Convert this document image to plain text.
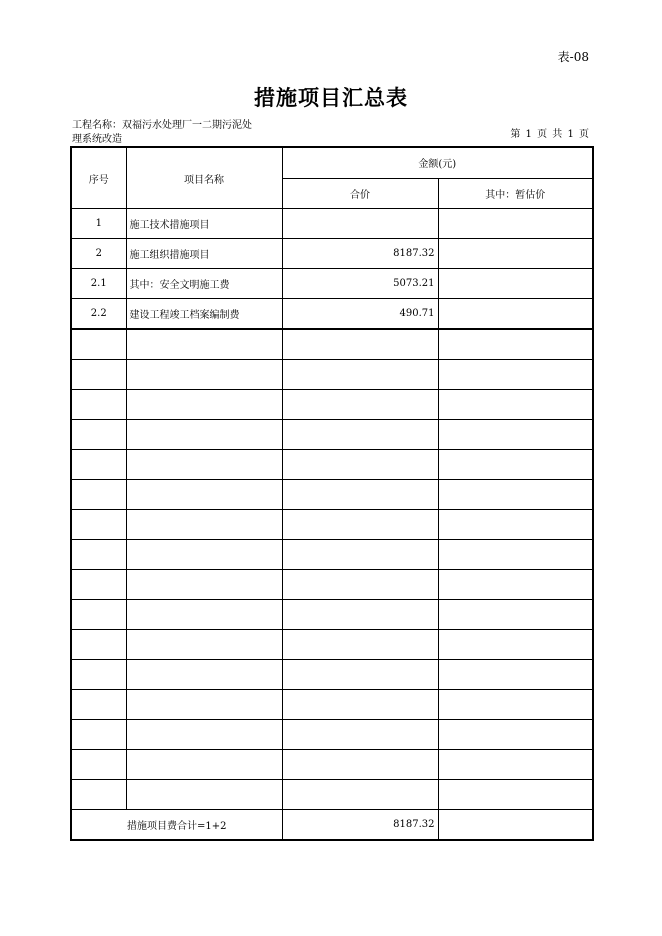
表-08
措施项目汇总表
工程名称：双福污水处理厂一二期污泥处理系统改造	第 1 页 共 1 页
序号	项目名称	金额(元)	
		合价	其中：暂估价
1	施工技术措施项目		
2	施工组织措施项目	8187.32	
2.1	其中：安全文明施工费	5073.21	
2.2	建设工程竣工档案编制费	490.71	

措施项目费合计=1+2		8187.32	
